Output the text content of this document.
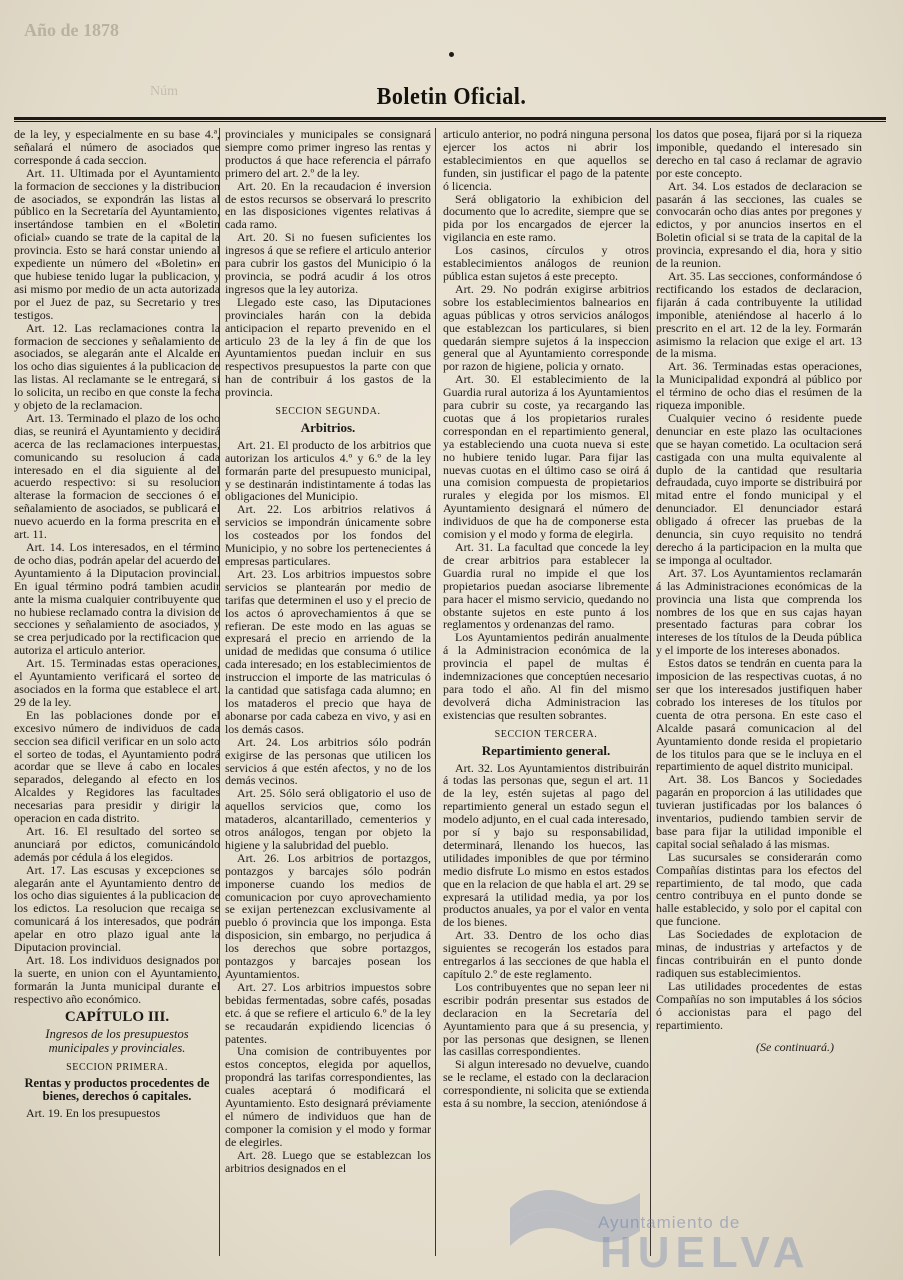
Año de 1878
Núm	Boletin Oficial.

de la ley, y especialmente en su base 4.ª, señalará el número de asociados que corresponde á cada seccion.

Art. 11. Ultimada por el Ayuntamiento la formacion de secciones y la distribucion de asociados, se expondrán las listas al público en la Secretaría del Ayuntamiento, insertándose tambien en el «Boletin oficial» cuando se trate de la capital de la provincia. Esto se hará constar uniendo al expediente un número del «Boletin» en que hubiese tenido lugar la publicacion, y asi mismo por medio de un acta autorizada por el Juez de paz, su Secretario y tres testigos.

Art. 12. Las reclamaciones contra la formacion de secciones y señalamiento de asociados, se alegarán ante el Alcalde en los ocho dias siguientes á la publicacion de las listas. Al reclamante se le entregará, si lo solicita, un recibo en que conste la fecha y objeto de la reclamacion.

Art. 13. Terminado el plazo de los ocho dias, se reunirá el Ayuntamiento y decidirá acerca de las reclamaciones interpuestas, comunicando su resolucion á cada interesado en el dia siguiente al del acuerdo respectivo: si su resolucion alterase la formacion de secciones ó el señalamiento de asociados, se publicará el nuevo acuerdo en la forma prescrita en el art. 11.

Art. 14. Los interesados, en el término de ocho dias, podrán apelar del acuerdo del Ayuntamiento á la Diputacion provincial. En igual término podrá tambien acudir ante la misma cualquier contribuyente que no hubiese reclamado contra la division de secciones y señalamiento de asociados, y se crea perjudicado por la rectificacion que autoriza el articulo anterior.

Art. 15. Terminadas estas operaciones, el Ayuntamiento verificará el sorteo de asociados en la forma que establece el art. 29 de la ley.

En las poblaciones donde por el excesivo número de individuos de cada seccion sea dificil verificar en un solo acto el sorteo de todas, el Ayuntamiento podrá acordar que se lleve á cabo en locales separados, delegando al efecto en los Alcaldes y Regidores las facultades necesarias para presidir y dirigir la operacion en cada distrito.

Art. 16. El resultado del sorteo se anunciará por edictos, comunicándolo además por cédula á los elegidos.

Art. 17. Las escusas y excepciones se alegarán ante el Ayuntamiento dentro de los ocho dias siguientes á la publicacion de los edictos. La resolucion que recaiga se comunicará á los interesados, que podrán apelar en otro plazo igual ante la Diputacion provincial.

Art. 18. Los individuos designados por la suerte, en union con el Ayuntamiento, formarán la Junta municipal durante el respectivo año económico.

CAPÍTULO III.
Ingresos de los presupuestos municipales y provinciales.
SECCION PRIMERA.
Rentas y productos procedentes de bienes, derechos ó capitales.

Art. 19. En los presupuestos

provinciales y municipales se consignará siempre como primer ingreso las rentas y productos á que hace referencia el párrafo primero del art. 2.º de la ley.

Art. 20. En la recaudacion é inversion de estos recursos se observará lo prescrito en las disposiciones vigentes relativas á cada ramo.

Art. 20. Si no fuesen suficientes los ingresos á que se refiere el articulo anterior para cubrir los gastos del Municipio ó la provincia, se podrá acudir á los otros ingresos que la ley autoriza.

Llegado este caso, las Diputaciones provinciales harán con la debida anticipacion el reparto prevenido en el articulo 23 de la ley á fin de que los Ayuntamientos puedan incluir en sus respectivos presupuestos la parte con que han de contribuir á los gastos de la provincia.

SECCION SEGUNDA.
Arbitrios.

Art. 21. El producto de los arbitrios que autorizan los articulos 4.º y 6.º de la ley formarán parte del presupuesto municipal, y se destinarán indistintamente á todas las obligaciones del Municipio.

Art. 22. Los arbitrios relativos á servicios se impondrán únicamente sobre los costeados por los fondos del Municipio, y no sobre los pertenecientes á empresas particulares.

Art. 23. Los arbitrios impuestos sobre servicios se plantearán por medio de tarifas que determinen el uso y el precio de los actos ó aprovechamientos á que se refieran. De este modo en las aguas se expresará el precio en arriendo de la unidad de medidas que consuma ó utilice cada interesado; en los establecimientos de instruccion el importe de las matriculas ó la cantidad que satisfaga cada alumno; en los mataderos el precio que haya de abonarse por cada cabeza en vivo, y asi en los demás casos.

Art. 24. Los arbitrios sólo podrán exigirse de las personas que utilicen los servicios á que estén afectos, y no de los demás vecinos.

Art. 25. Sólo será obligatorio el uso de aquellos servicios que, como los mataderos, alcantarillado, cementerios y otros análogos, tengan por objeto la higiene y la salubridad del pueblo.

Art. 26. Los arbitrios de portazgos, pontazgos y barcajes sólo podrán imponerse cuando los medios de comunicacion por cuyo aprovechamiento se exijan pertenezcan exclusivamente al pueblo ó provincia que los imponga. Esta disposicion, sin embargo, no perjudica á los derechos que sobre portazgos, pontazgos y barcajes posean los Ayuntamientos.

Art. 27. Los arbitrios impuestos sobre bebidas fermentadas, sobre cafés, posadas etc. á que se refiere el articulo 6.º de la ley se recaudarán expidiendo licencias ó patentes.

Una comision de contribuyentes por estos conceptos, elegida por aquellos, propondrá las tarifas correspondientes, las cuales aceptará ó modificará el Ayuntamiento. Esto designará préviamente el número de individuos que han de componer la comision y el modo y formar de elegirles.

Art. 28. Luego que se establezcan los arbitrios designados en el

articulo anterior, no podrá ninguna persona ejercer los actos ni abrir los establecimientos en que aquellos se funden, sin justificar el pago de la patente ó licencia.

Será obligatorio la exhibicion del documento que lo acredite, siempre que se pida por los encargados de ejercer la vigilancia en este ramo.

Los casinos, círculos y otros establecimientos análogos de reunion pública estan sujetos á este precepto.

Art. 29. No podrán exigirse arbitrios sobre los establecimientos balnearios en aguas públicas y otros servicios análogos que establezcan los particulares, si bien quedarán siempre sujetos á la inspeccion general que al Ayuntamiento corresponde por razon de higiene, policia y ornato.

Art. 30. El establecimiento de la Guardia rural autoriza á los Ayuntamientos para cubrir su coste, ya recargando las cuotas que á los propietarios rurales correspondan en el repartimiento general, ya estableciendo una cuota nueva si este no hubiere tenido lugar. Para fijar las nuevas cuotas en el último caso se oirá á una comision compuesta de propietarios rurales y elegida por los mismos. El Ayuntamiento designará el número de individuos de que ha de componerse esta comision y el modo y forma de elegirla.

Art. 31. La facultad que concede la ley de crear arbitrios para establecer la Guardia rural no impide el que los propietarios puedan asociarse libremente para hacer el mismo servicio, quedando no obstante sujetos en este punto á los reglamentos y ordenanzas del ramo.

Los Ayuntamientos pedirán anualmente á la Administracion económica de la provincia el papel de multas é indemnizaciones que conceptúen necesario para todo el año. Al fin del mismo devolverá dicha Administracion las existencias que resulten sobrantes.

SECCION TERCERA.
Repartimiento general.

Art. 32. Los Ayuntamientos distribuirán á todas las personas que, segun el art. 11 de la ley, estén sujetas al pago del repartimiento general un estado segun el modelo adjunto, en el cual cada interesado, por sí y bajo su responsabilidad, determinará, llenando los huecos, las utilidades imponibles de que por término medio disfrute Lo mismo en estos estados que en la relacion de que habla el art. 29 se expresará la utilidad media, ya por los productos anuales, ya por el valor en venta de los bienes.

Art. 33. Dentro de los ocho dias siguientes se recogerán los estados para entregarlos á las secciones de que habla el capítulo 2.º de este reglamento.

Los contribuyentes que no sepan leer ni escribir podrán presentar sus estados de declaracion en la Secretaría del Ayuntamiento para que á su presencia, y por las personas que designen, se llenen las casillas correspondientes.

Si algun interesado no devuelve, cuando se le reclame, el estado con la declaracion correspondiente, ni solicita que se extienda esta á su nombre, la seccion, atenióndose á

los datos que posea, fijará por si la riqueza imponible, quedando el interesado sin derecho en tal caso á reclamar de agravio por este concepto.

Art. 34. Los estados de declaracion se pasarán á las secciones, las cuales se convocarán ocho dias antes por pregones y edictos, y por anuncios insertos en el Boletin oficial si se trata de la capital de la provincia, expresando el dia, hora y sitio de la reunion.

Art. 35. Las secciones, conformándose ó rectificando los estados de declaracion, fijarán á cada contribuyente la utilidad imponible, ateniéndose al hacerlo á lo prescrito en el art. 12 de la ley. Formarán asimismo la relacion que exige el art. 13 de la misma.

Art. 36. Terminadas estas operaciones, la Municipalidad expondrá al público por el término de ocho dias el resúmen de la riqueza imponible.

Cualquier vecino ó residente puede denunciar en este plazo las ocultaciones que se hayan cometido. La ocultacion será castigada con una multa equivalente al duplo de la cantidad que resultaria defraudada, cuyo importe se distribuirá por mitad entre el fondo municipal y el denunciador. El denunciador estará obligado á ofrecer las pruebas de la denuncia, sin cuyo requisito no tendrá derecho á la participacion en la multa que se imponga al ocultador.

Art. 37. Los Ayuntamientos reclamarán á las Administraciones económicas de la provincia una lista que comprenda los nombres de los que en sus cajas hayan presentado facturas para cobrar los intereses de los títulos de la Deuda pública y el importe de los intereses abonados.

Estos datos se tendrán en cuenta para la imposicion de las respectivas cuotas, á no ser que los interesados justifiquen haber cobrado los intereses de los títulos por cuenta de otra persona. En este caso el Alcalde pasará comunicacion al del Ayuntamiento donde resida el propietario de los titulos para que se le incluya en el repartimiento de aquel distrito municipal.

Art. 38. Los Bancos y Sociedades pagarán en proporcion á las utilidades que tuvieran justificadas por los balances ó inventarios, pudiendo tambien servir de base para fijar la utilidad imponible el capital social señalado á las mismas.

Las sucursales se considerarán como Compañías distintas para los efectos del repartimiento, de tal modo, que cada centro contribuya en el punto donde se halle establecido, y solo por el capital con que funcione.

Las Sociedades de explotacion de minas, de industrias y artefactos y de fincas contribuirán en el punto donde radiquen sus establecimientos.

Las utilidades procedentes de estas Compañías no son imputables á los sócios ó accionistas para el pago del repartimiento.

(Se continuará.)
Ayuntamiento de
HUELVA
